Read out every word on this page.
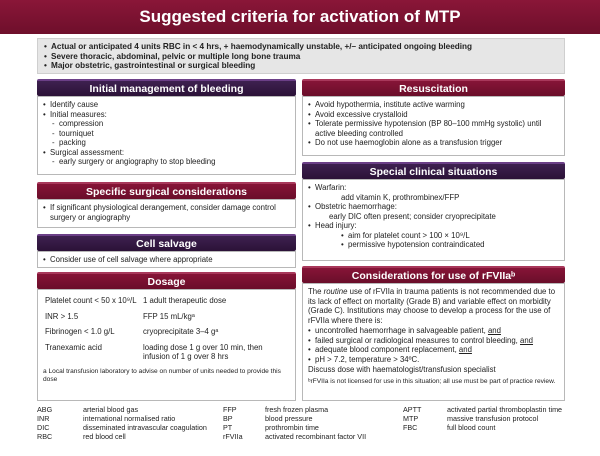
Suggested criteria for activation of MTP
• Actual or anticipated 4 units RBC in < 4 hrs, + haemodynamically unstable, +/– anticipated ongoing bleeding
• Severe thoracic, abdominal, pelvic or multiple long bone trauma
• Major obstetric, gastrointestinal or surgical bleeding
Initial management of bleeding
• Identify cause
• Initial measures:
- compression
- tourniquet
- packing
• Surgical assessment:
- early surgery or angiography to stop bleeding
Specific surgical considerations
• If significant physiological derangement, consider damage control surgery or angiography
Cell salvage
• Consider use of cell salvage where appropriate
Dosage
Platelet count < 50 x 10⁹/L	1 adult therapeutic dose
INR > 1.5	FFP 15 mL/kgᵃ
Fibrinogen < 1.0 g/L	cryoprecipitate 3–4 gᵃ
Tranexamic acid	loading dose 1 g over 10 min, then infusion of 1 g over 8 hrs
a Local transfusion laboratory to advise on number of units needed to provide this dose
Resuscitation
• Avoid hypothermia, institute active warming
• Avoid excessive crystalloid
• Tolerate permissive hypotension (BP 80–100 mmHg systolic) until active bleeding controlled
• Do not use haemoglobin alone as a transfusion trigger
Special clinical situations
• Warfarin:
add vitamin K, prothrombinex/FFP
• Obstetric haemorrhage:
early DIC often present; consider cryoprecipitate
• Head injury:
• aim for platelet count > 100 × 10⁹/L
• permissive hypotension contraindicated
Considerations for use of rFVIIaᵇ

The routine use of rFVIIa in trauma patients is not recommended due to its lack of effect on mortality (Grade B) and variable effect on morbidity (Grade C). Institutions may choose to develop a process for the use of rFVIIa where there is:

• uncontrolled haemorrhage in salvageable patient, and
• failed surgical or radiological measures to control bleeding, and
• adequate blood component replacement, and
• pH > 7.2, temperature > 34ºC.

Discuss dose with haematologist/transfusion specialist

ᵇrFVIIa is not licensed for use in this situation; all use must be part of practice review.

ABG	arterial blood gas
INR	international normalised ratio
DIC	disseminated intravascular coagulation
RBC	red blood cell
FFP	fresh frozen plasma
BP	blood pressure
PT	prothrombin time
rFVIIa	activated recombinant factor VII
APTT	activated partial thromboplastin time
MTP	massive transfusion protocol
FBC	full blood count
